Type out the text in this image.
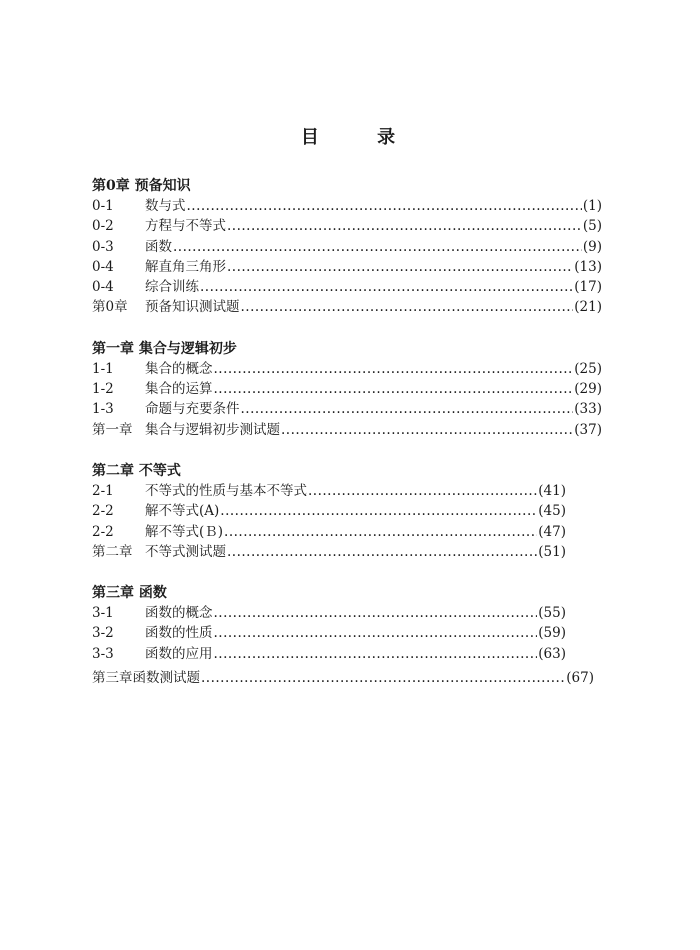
目 录
第0章 预备知识
0-1	数与式 .....	(1)
0-2	方程与不等式 .....	(5)
0-3	函数 .....	(9)
0-4	解直角三角形 .....	(13)
0-4	综合训练 .....	(17)
第0章	预备知识测试题 .....	(21)
第一章 集合与逻辑初步
1-1	集合的概念 .....	(25)
1-2	集合的运算 .....	(29)
1-3	命题与充要条件 .....	(33)
第一章 集合与逻辑初步测试题 .....	(37)
第二章 不等式
2-1	不等式的性质与基本不等式 .....	(41)
2-2	解不等式(A) .....	(45)
2-2	解不等式(Ｂ) .....	(47)
第二章 不等式测试题 .....	(51)
第三章 函数
3-1	函数的概念 .....	(55)
3-2	函数的性质 .....	(59)
3-3	函数的应用 .....	(63)
第三章函数测试题 .....	(67)
